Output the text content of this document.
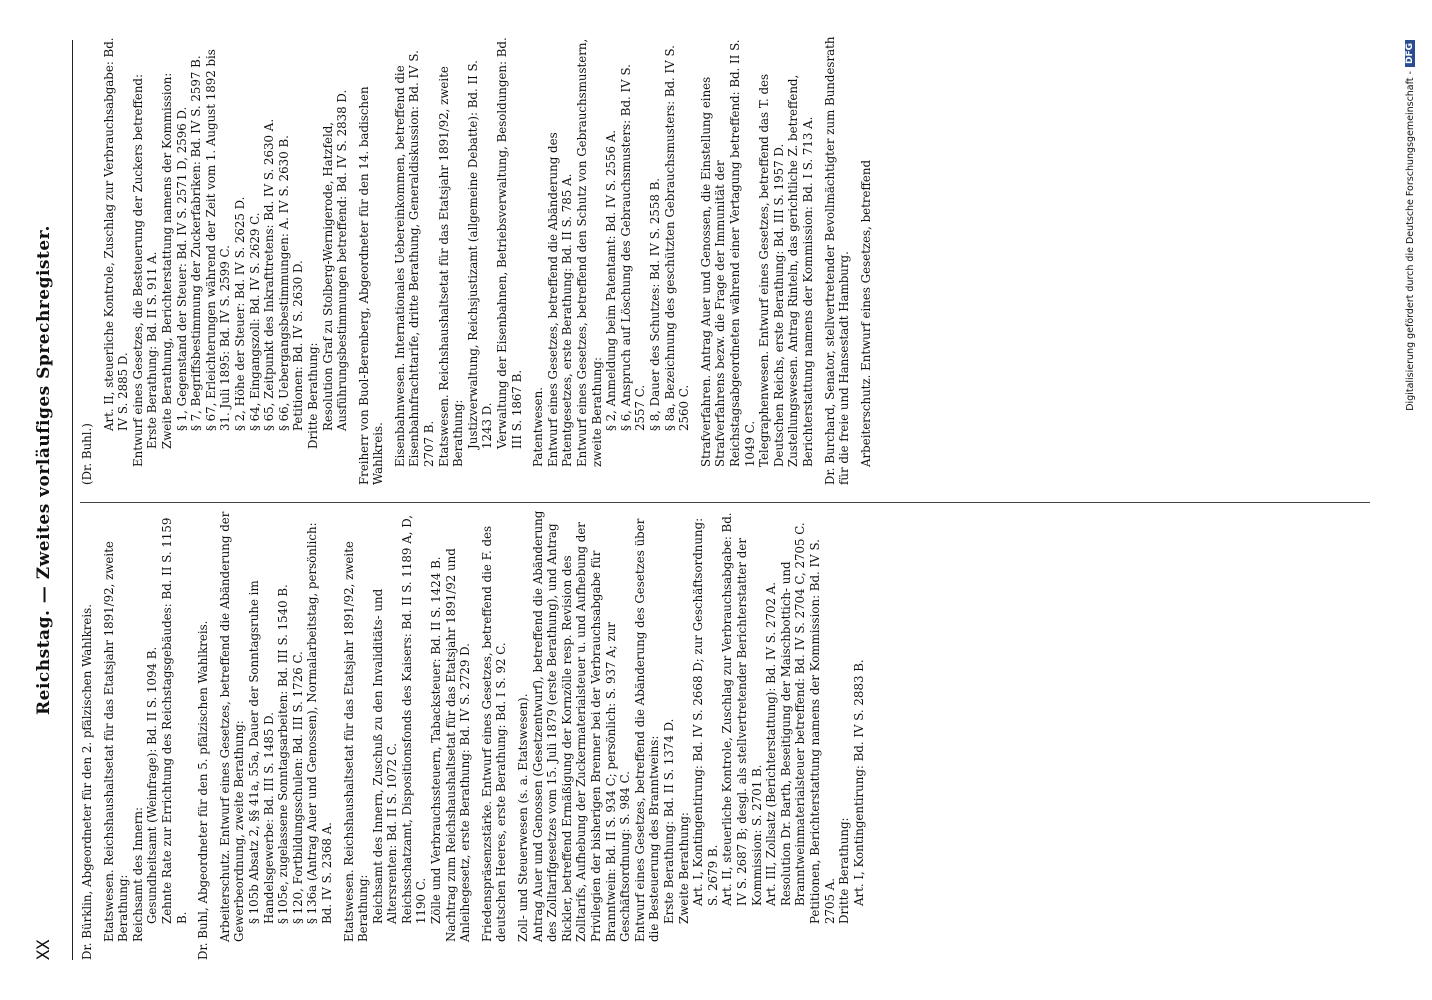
XX
Reichstag. — Zweites vorläufiges Sprechregister.
Dr. Bürklin, Abgeordneter für den 2. pfälzischen Wahlkreis. Etatswesen. Reichshaushaltsetat für das Etatsjahr 1891/92, zweite Berathung: Reichsamt des Innern: Gesundheitsamt (Weinfrage): Bd. II S. 1094 B. Zehnte Rate zur Errichtung des Reichstagsgebäudes: Bd. II S. 1159 B. Dr. Buhl, Abgeordneter für den 5. pfälzischen Wahlkreis. Arbeiterschutz. Entwurf eines Gesetzes, betreffend die Abänderung der Gewerbeordnung, zweite Berathung: § 105b Absatz 2, §§ 41a, 55a, Dauer der Sonntagsruhe im Handelsgewerbe: Bd. III S. 1485 D. § 105e, zugelassene Sonntagsarbeiten: Bd. III S. 1540 B. § 120, Fortbildungsschulen: Bd. III S. 1726 C. § 136a (Antrag Auer und Genossen), Normalarbeitstag, persönlich: Bd. IV S. 2368 A. Etatswesen. Reichshaushaltsetat für das Etatsjahr 1891/92, zweite Berathung: Reichsamt des Innern, Zuschuß zu den Invaliditäts- und Altersrenten: Bd. II S. 1072 C. Reichsschatzamt, Dispositionsfonds des Kaisers: Bd. II S. 1189 A, D, 1190 C. Zölle und Verbrauchssteuern, Tabacksteuer: Bd. II S. 1424 B. Nachtrag zum Reichshaushaltsetat für das Etatsjahr 1891/92 und Anleihegesetz, erste Berathung: Bd. IV S. 2729 D. Friedenspräsenzstärke. Entwurf eines Gesetzes, betreffend die F. des deutschen Heeres, erste Berathung: Bd. I S. 92 C. Zoll- und Steuerwesen (s. a. Etatswesen). Antrag Auer und Genossen (Gesetzentwurf), betreffend die Abänderung des Zolltarifgesetzes vom 15. Juli 1879 (erste Berathung), und Antrag Rickler, betreffend Ermäßigung der Kornzölle resp. Revision des Zolltarifs, Aufhebung der Zuckermaterialsteuer u. und Aufhebung der Privilegien der bisherigen Brenner bei der Verbrauchsabgabe für Branntwein: Bd. II S. 934 C; persönlich: S. 937 A; zur Geschäftsordnung: S. 984 C. Entwurf eines Gesetzes, betreffend die Abänderung des Gesetzes über die Besteuerung des Branntweins: Erste Berathung: Bd. II S. 1374 D. Zweite Berathung: Art. I, Kontingentirung: Bd. IV S. 2668 D; zur Geschäftsordnung: S. 2679 B. Art. II, steuerliche Kontrole, Zuschlag zur Verbrauchsabgabe: Bd. IV S. 2687 B; desgl. als stellvertretender Berichterstatter der Kommission: S. 2701 B. Art. III, Zollsatz (Berichterstattung): Bd. IV S. 2702 A. Resolution Dr. Barth, Beseitigung der Maischbottich- und Branntweinmaterialsteuer betreffend: Bd. IV S. 2704 C, 2705 C. Petitionen, Berichterstattung namens der Kommission: Bd. IV S. 2705 A. Dritte Berathung: Art. I, Kontingentirung: Bd. IV S. 2883 B.
(Dr. Buhl.)
Art. II, steuerliche Kontrole, Zuschlag zur Verbrauchsabgabe: Bd. IV S. 2885 D. Entwurf eines Gesetzes, die Besteuerung der Zuckers betreffend: Erste Berathung: Bd. II S. 911 A. Zweite Berathung, Berichterstattung namens der Kommission: § 1, Gegenstand der Steuer: Bd. IV S. 2571 D, 2596 D. § 7, Begriffsbestimmung der Zuckerfabriken: Bd. IV S. 2597 B. § 67, Erleichterungen während der Zeit vom 1. August 1892 bis 31. Juli 1895: Bd. IV S. 2599 C. § 2, Höhe der Steuer: Bd. IV S. 2625 D. § 64, Eingangszoll: Bd. IV S. 2629 C. § 65, Zeitpunkt des Inkrafttretens: Bd. IV S. 2630 A. § 66, Uebergangsbestimmungen: A. IV S. 2630 B. Petitionen: Bd. IV S. 2630 D. Dritte Berathung: Resolution Graf zu Stolberg-Wernigerode, Hatzfeld, Ausführungsbestimmungen betreffend: Bd. IV S. 2838 D. Freiherr von Buol-Berenberg, Abgeordneter für den 14. badischen Wahlkreis. Eisenbahnwesen. Internationales Uebereinkommen, betreffend die Eisenbahnfrachttarife, dritte Berathung, Generaldiskussion: Bd. IV S. 2707 B. Etatswesen. Reichshaushaltsetat für das Etatsjahr 1891/92, zweite Berathung: Justizverwaltung, Reichsjustizamt (allgemeine Debatte): Bd. II S. 1243 D. Verwaltung der Eisenbahnen, Betriebsverwaltung, Besoldungen: Bd. III S. 1867 B. Patentwesen. Entwurf eines Gesetzes, betreffend die Abänderung des Patentgesetzes, erste Berathung: Bd. II S. 785 A. Entwurf eines Gesetzes, betreffend den Schutz von Gebrauchsmustern, zweite Berathung: § 2, Anmeldung beim Patentamt: Bd. IV S. 2556 A. § 6, Anspruch auf Löschung des Gebrauchsmusters: Bd. IV S. 2557 C. § 8, Dauer des Schutzes: Bd. IV S. 2558 B. § 8a, Bezeichnung des geschützten Gebrauchsmusters: Bd. IV S. 2560 C. Strafverfahren. Antrag Auer und Genossen, die Einstellung eines Strafverfahrens bezw. die Frage der Immunität der Reichstagsabgeordneten während einer Vertagung betreffend: Bd. II S. 1049 C. Telegraphenwesen. Entwurf eines Gesetzes, betreffend das T. des Deutschen Reichs, erste Berathung: Bd. III S. 1957 D. Zustellungswesen. Antrag Rinteln, das gerichtliche Z. betreffend, Berichterstattung namens der Kommission: Bd. I S. 713 A. Dr. Burchard, Senator, stellvertretender Bevollmächtigter zum Bundesrath für die freie und Hansestadt Hamburg. Arbeiterschutz. Entwurf eines Gesetzes, betreffend	Digitalisierung gefördert durch die Deutsche Forschungsgemeinschaft -
DFG
